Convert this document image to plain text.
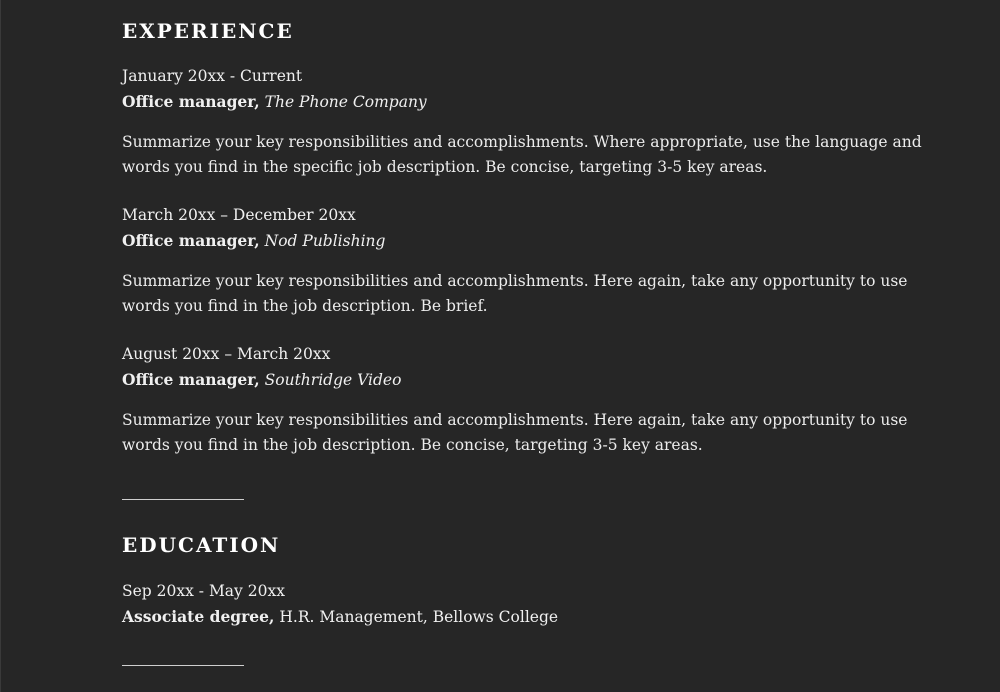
EXPERIENCE
January 20xx - Current
Office manager, The Phone Company
Summarize your key responsibilities and accomplishments. Where appropriate, use the language and words you find in the specific job description. Be concise, targeting 3-5 key areas.
March 20xx – December 20xx
Office manager, Nod Publishing
Summarize your key responsibilities and accomplishments. Here again, take any opportunity to use words you find in the job description. Be brief.
August 20xx – March 20xx
Office manager, Southridge Video
Summarize your key responsibilities and accomplishments. Here again, take any opportunity to use words you find in the job description. Be concise, targeting 3-5 key areas.
EDUCATION
Sep 20xx - May 20xx
Associate degree, H.R. Management, Bellows College
